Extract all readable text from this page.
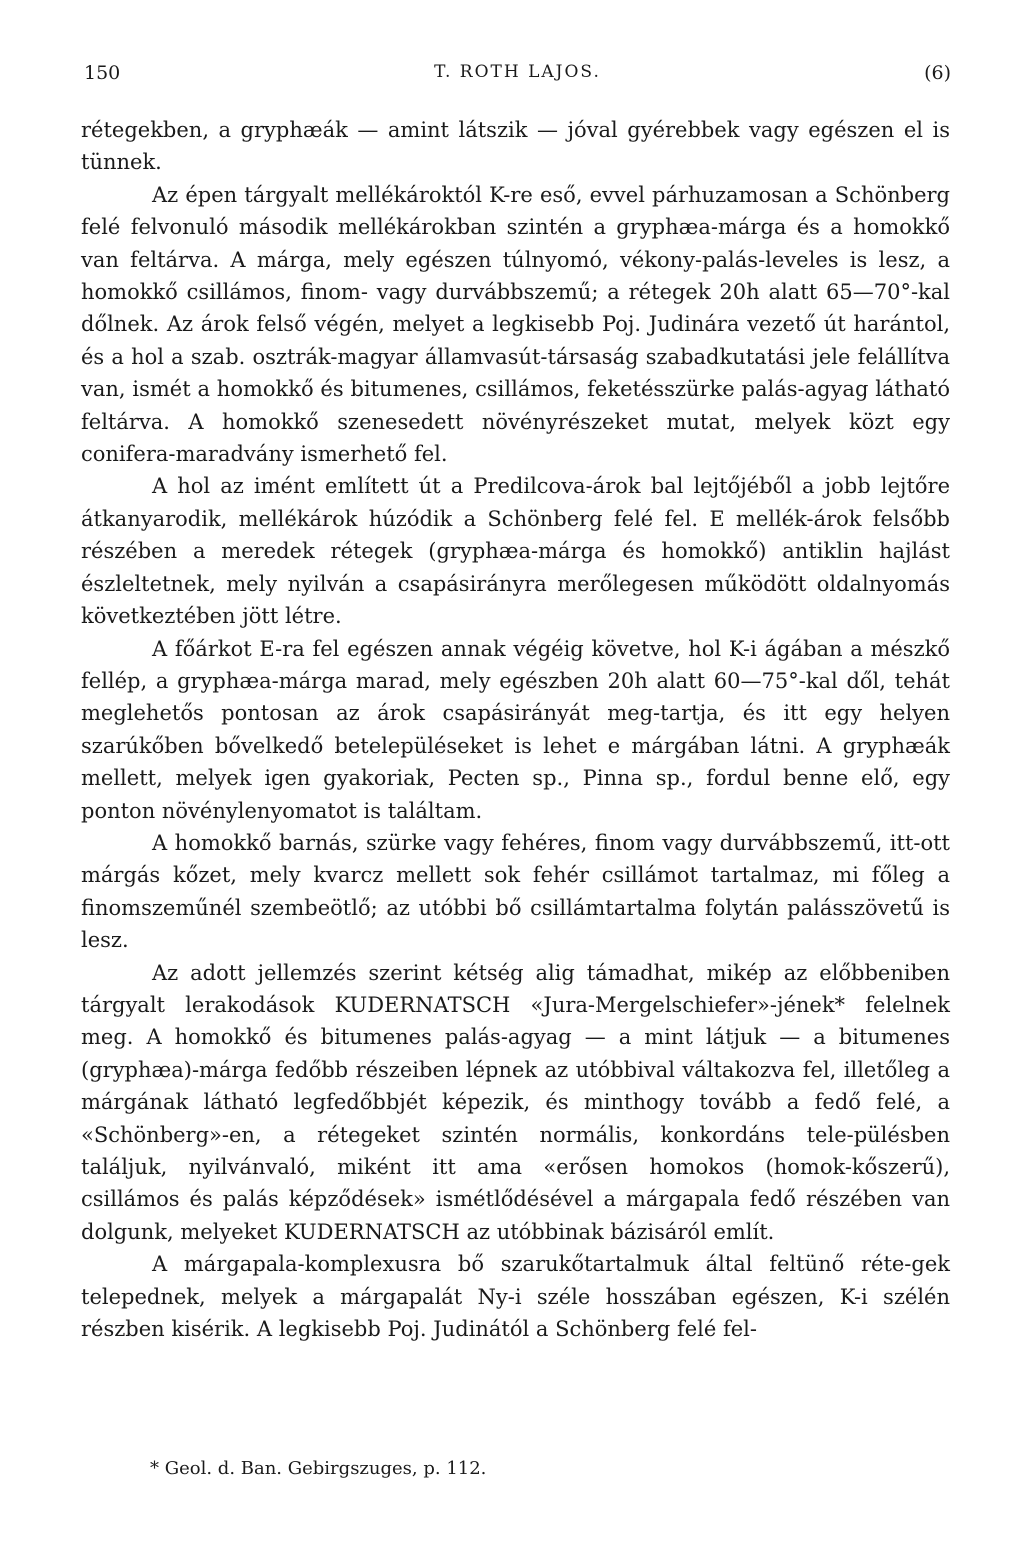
150	T. ROTH LAJOS.	(6)

rétegekben, a gryphæák — amint látszik — jóval gyérebbek vagy egészen el is tünnek.

Az épen tárgyalt mellékároktól K-re eső, evvel párhuzamosan a Schönberg felé felvonuló második mellékárokban szintén a gryphæa-márga és a homokkő van feltárva. A márga, mely egészen túlnyomó, vékony-palás-leveles is lesz, a homokkő csillámos, finom- vagy durvábbszemű; a rétegek 20h alatt 65—70°-kal dőlnek. Az árok felső végén, melyet a legkisebb Poj. Judinára vezető út harántol, és a hol a szab. osztrák-magyar államvasút-társaság szabadkutatási jele felállítva van, ismét a homokkő és bitumenes, csillámos, feketésszürke palás-agyag látható feltárva. A homokkő szenesedett növényrészeket mutat, melyek közt egy conifera-maradvány ismerhető fel.

A hol az imént említett út a Predilcova-árok bal lejtőjéből a jobb lejtőre átkanyarodik, mellékárok húzódik a Schönberg felé fel. E mellék-árok felsőbb részében a meredek rétegek (gryphæa-márga és homokkő) antiklin hajlást észleltetnek, mely nyilván a csapásirányra merőlegesen működött oldalnyomás következtében jött létre.

A főárkot E-ra fel egészen annak végéig követve, hol K-i ágában a mészkő fellép, a gryphæa-márga marad, mely egészben 20h alatt 60—75°-kal dől, tehát meglehetős pontosan az árok csapásirányát meg-tartja, és itt egy helyen szarúkőben bővelkedő betelepüléseket is lehet e márgában látni. A gryphæák mellett, melyek igen gyakoriak, Pecten sp., Pinna sp., fordul benne elő, egy ponton növénylenyomatot is találtam.

A homokkő barnás, szürke vagy fehéres, finom vagy durvábbszemű, itt-ott márgás kőzet, mely kvarcz mellett sok fehér csillámot tartalmaz, mi főleg a finomszeműnél szembeötlő; az utóbbi bő csillámtartalma folytán palásszövetű is lesz.

Az adott jellemzés szerint kétség alig támadhat, mikép az előbbeniben tárgyalt lerakodások KUDERNATSCH «Jura-Mergelschiefer»-jének* felelnek meg. A homokkő és bitumenes palás-agyag — a mint látjuk — a bitumenes (gryphæa)-márga fedőbb részeiben lépnek az utóbbival váltakozva fel, illetőleg a márgának látható legfedőbbjét képezik, és minthogy tovább a fedő felé, a «Schönberg»-en, a rétegeket szintén normális, konkordáns tele-pülésben találjuk, nyilvánvaló, miként itt ama «erősen homokos (homok-kőszerű), csillámos és palás képződések» ismétlődésével a márgapala fedő részében van dolgunk, melyeket KUDERNATSCH az utóbbinak bázisáról említ.

A márgapala-komplexusra bő szarukőtartalmuk által feltünő réte-gek telepednek, melyek a márgapalát Ny-i széle hosszában egészen, K-i szélén részben kisérik. A legkisebb Poj. Judinától a Schönberg felé fel-

* Geol. d. Ban. Gebirgszuges, p. 112.
